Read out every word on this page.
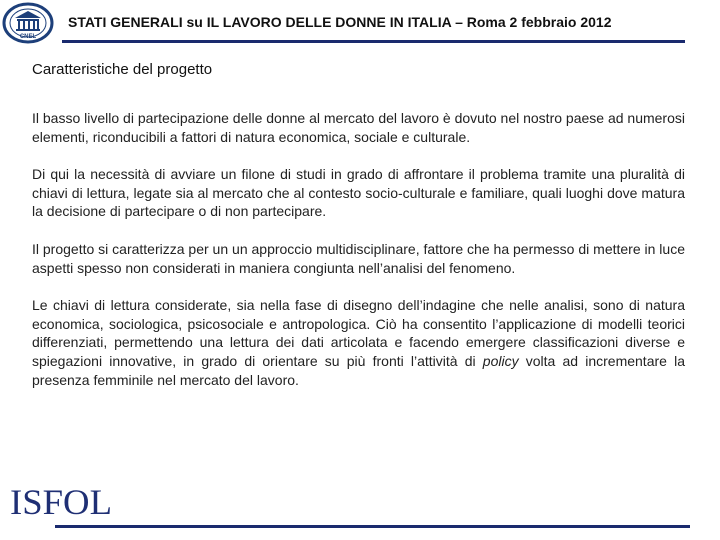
CNEL
STATI GENERALI su IL LAVORO DELLE DONNE IN ITALIA – Roma 2 febbraio 2012
Caratteristiche del progetto

Il basso livello di partecipazione delle donne al mercato del lavoro è dovuto nel nostro paese ad numerosi elementi, riconducibili a fattori di natura economica, sociale e culturale.

Di qui la necessità di avviare un filone di studi in grado di affrontare il problema tramite una pluralità di chiavi di lettura, legate sia al mercato che al contesto socio-culturale e familiare, quali luoghi dove matura la decisione di partecipare o di non partecipare.

Il progetto si caratterizza per un un approccio multidisciplinare, fattore che ha permesso di mettere in luce aspetti spesso non considerati in maniera congiunta nell’analisi del fenomeno.

Le chiavi di lettura considerate, sia nella fase di disegno dell’indagine che nelle analisi, sono di natura economica, sociologica, psicosociale e antropologica. Ciò ha consentito l’applicazione di modelli teorici differenziati, permettendo una lettura dei dati articolata e facendo emergere classificazioni diverse e spiegazioni innovative, in grado di orientare su più fronti l’attività di policy volta ad incrementare la presenza femminile nel mercato del lavoro.

ISFOL
